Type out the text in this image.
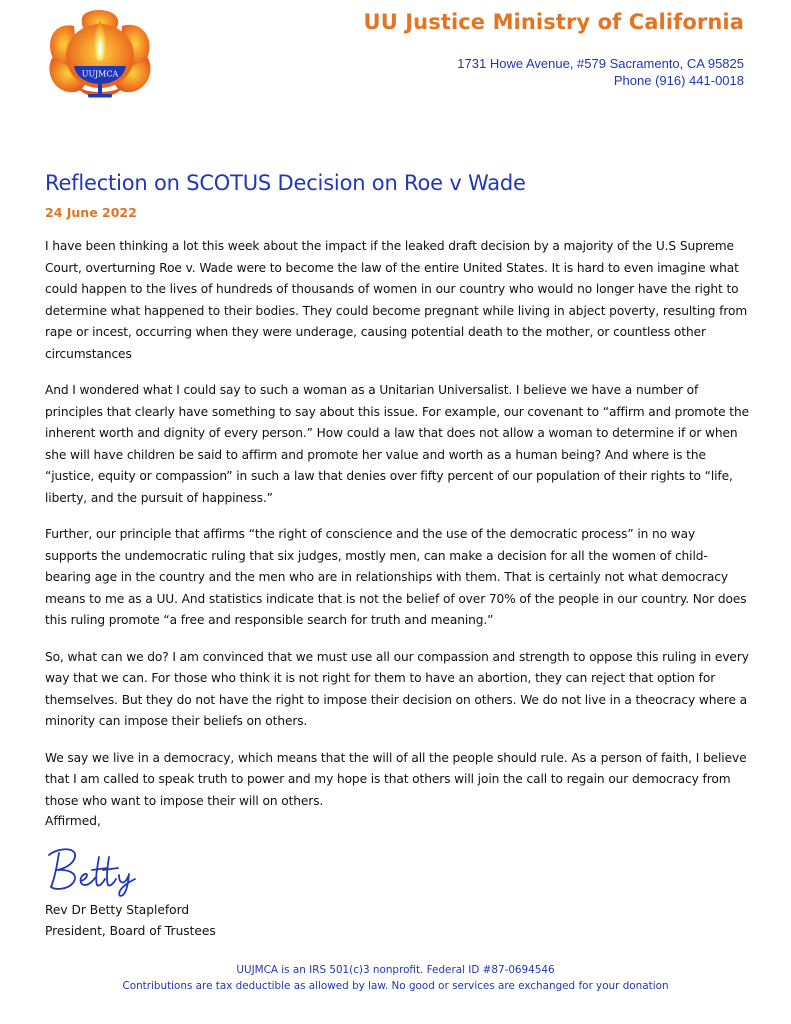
UUJMCA
UU Justice Ministry of California
1731 Howe Avenue, #579 Sacramento, CA 95825
Phone (916) 441-0018
Reflection on SCOTUS Decision on Roe v Wade
24 June 2022

I have been thinking a lot this week about the impact if the leaked draft decision by a majority of the U.S Supreme Court, overturning Roe v. Wade were to become the law of the entire United States. It is hard to even imagine what could happen to the lives of hundreds of thousands of women in our country who would no longer have the right to determine what happened to their bodies. They could become pregnant while living in abject poverty, resulting from rape or incest, occurring when they were underage, causing potential death to the mother, or countless other circumstances

And I wondered what I could say to such a woman as a Unitarian Universalist. I believe we have a number of principles that clearly have something to say about this issue. For example, our covenant to “affirm and promote the inherent worth and dignity of every person.” How could a law that does not allow a woman to determine if or when she will have children be said to affirm and promote her value and worth as a human being? And where is the “justice, equity or compassion” in such a law that denies over fifty percent of our population of their rights to “life, liberty, and the pursuit of happiness.”

Further, our principle that affirms “the right of conscience and the use of the democratic process” in no way supports the undemocratic ruling that six judges, mostly men, can make a decision for all the women of child-bearing age in the country and the men who are in relationships with them. That is certainly not what democracy means to me as a UU. And statistics indicate that is not the belief of over 70% of the people in our country. Nor does this ruling promote “a free and responsible search for truth and meaning.”

So, what can we do? I am convinced that we must use all our compassion and strength to oppose this ruling in every way that we can. For those who think it is not right for them to have an abortion, they can reject that option for themselves. But they do not have the right to impose their decision on others. We do not live in a theocracy where a minority can impose their beliefs on others.

We say we live in a democracy, which means that the will of all the people should rule. As a person of faith, I believe that I am called to speak truth to power and my hope is that others will join the call to regain our democracy from those who want to impose their will on others.

Affirmed,
Rev Dr Betty Stapleford
President, Board of Trustees
UUJMCA is an IRS 501(c)3 nonprofit. Federal ID #87-0694546
Contributions are tax deductible as allowed by law. No good or services are exchanged for your donation
